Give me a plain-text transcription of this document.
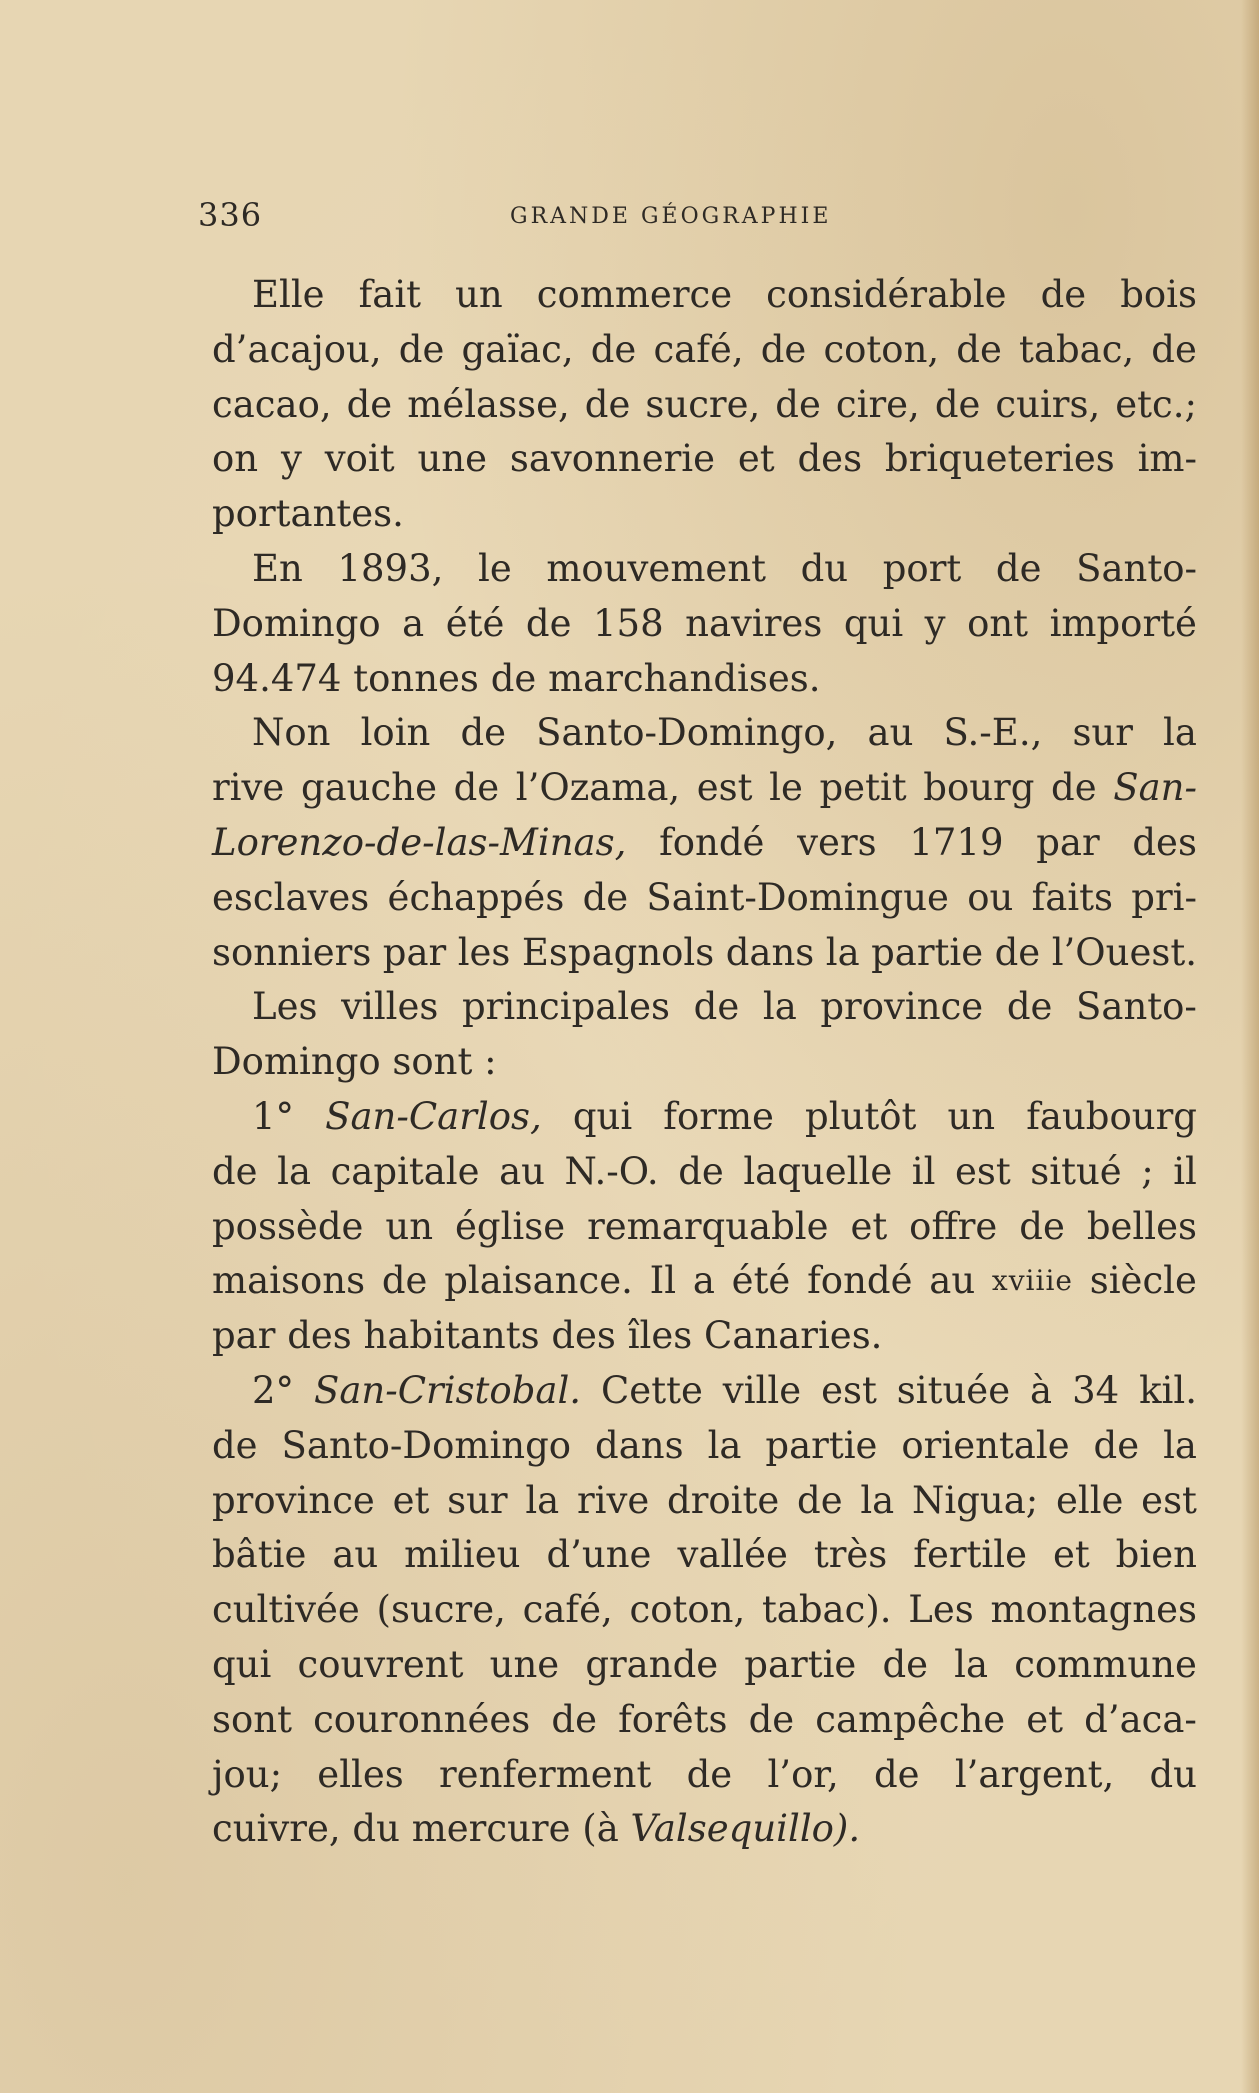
336	GRANDE GÉOGRAPHIE
Elle fait un commerce considérable de bois
d’acajou, de gaïac, de café, de coton, de tabac, de
cacao, de mélasse, de sucre, de cire, de cuirs, etc.;
on y voit une savonnerie et des briqueteries im-
portantes.
En 1893, le mouvement du port de Santo-
Domingo a été de 158 navires qui y ont importé
94.474
tonnes
de
marchandises.
Non loin de Santo-Domingo, au S.-E., sur la
rive gauche de l’Ozama, est le petit bourg de San-
Lorenzo-de-las-Minas, fondé vers 1719 par des
esclaves échappés de Saint-Domingue ou faits pri-
sonniers par les Espagnols dans la partie de l’Ouest.
Les villes principales de la province de Santo-
Domingo
sont :
1° San-Carlos, qui forme plutôt un faubourg
de la capitale au N.-O. de laquelle il est situé ; il
possède un église remarquable et offre de belles
maisons de plaisance. Il a été fondé au xviiie siècle
par
des
habitants
des
îles
Canaries.
2° San-Cristobal. Cette ville est située à 34 kil.
de Santo-Domingo dans la partie orientale de la
province et sur la rive droite de la Nigua; elle est
bâtie au milieu d’une vallée très fertile et bien
cultivée (sucre, café, coton, tabac). Les montagnes
qui couvrent une grande partie de la commune
sont couronnées de forêts de campêche et d’aca-
jou; elles renferment de l’or, de l’argent, du
cuivre,
du
mercure
(à
Valsequillo).
